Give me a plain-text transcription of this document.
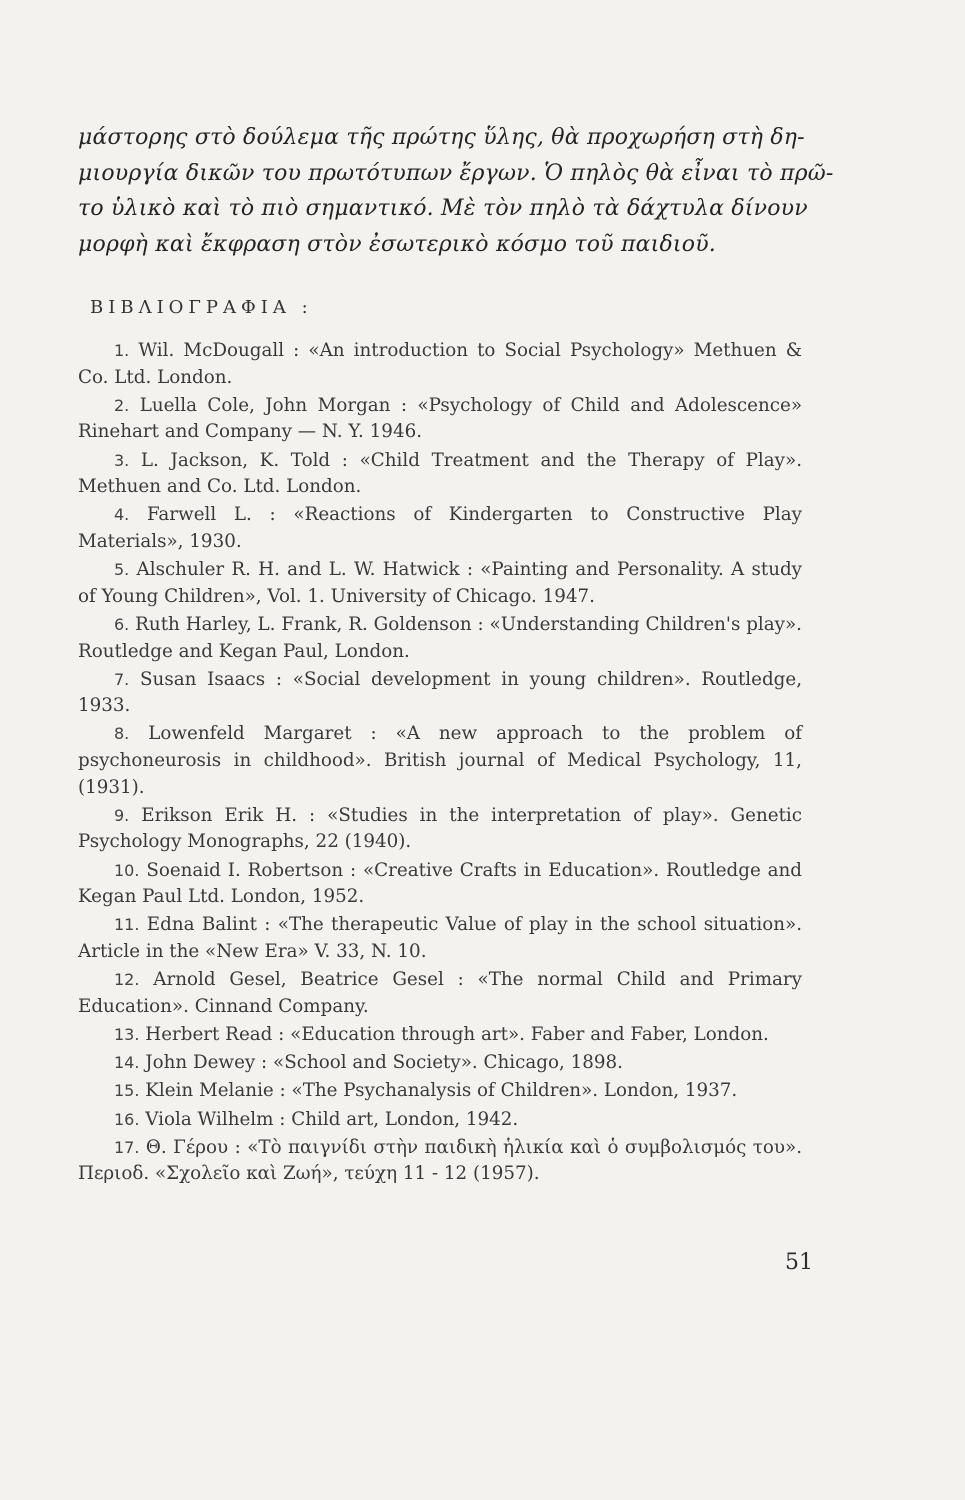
μάστορης στὸ δούλεμα τῆς πρώτης ὕλης, θὰ προχωρήση στὴ δη-
μιουργία δικῶν του πρωτότυπων ἔργων. Ὁ πηλὸς θὰ εἶναι τὸ πρῶ-
το ὑλικὸ καὶ τὸ πιὸ σημαντικό. Μὲ τὸν πηλὸ τὰ δάχτυλα δίνουν
μορφὴ καὶ ἔκφραση στὸν ἐσωτερικὸ κόσμο τοῦ παιδιοῦ.
ΒΙΒΛΙΟΓΡΑΦΙΑ :
1. Wil. McDougall : «An introduction to Social Psychology» Methuen & Co. Ltd. London.
2. Luella Cole, John Morgan : «Psychology of Child and Adolescence» Rinehart and Company — N. Y. 1946.
3. L. Jackson, K. Told : «Child Treatment and the Therapy of Play». Methuen and Co. Ltd. London.
4. Farwell L. : «Reactions of Kindergarten to Constructive Play Materials», 1930.
5. Alschuler R. H. and L. W. Hatwick : «Painting and Personality. A study of Young Children», Vol. 1. University of Chicago. 1947.
6. Ruth Harley, L. Frank, R. Goldenson : «Understanding Children's play». Routledge and Kegan Paul, London.
7. Susan Isaacs : «Social development in young children». Routledge, 1933.
8. Lowenfeld Margaret : «A new approach to the problem of psychoneurosis in childhood». British journal of Medical Psychology, 11, (1931).
9. Erikson Erik H. : «Studies in the interpretation of play». Genetic Psychology Monographs, 22 (1940).
10. Soenaid I. Robertson : «Creative Crafts in Education». Routledge and Kegan Paul Ltd. London, 1952.
11. Edna Balint : «The therapeutic Value of play in the school situation». Article in the «New Era» V. 33, N. 10.
12. Arnold Gesel, Beatrice Gesel : «The normal Child and Primary Education». Cinnand Company.
13. Herbert Read : «Education through art». Faber and Faber, London.
14. John Dewey : «School and Society». Chicago, 1898.
15. Klein Melanie : «The Psychanalysis of Children». London, 1937.
16. Viola Wilhelm : Child art, London, 1942.
17. Θ. Γέρου : «Τὸ παιγνίδι στὴν παιδικὴ ἡλικία καὶ ὁ συμβολισμός του». Περιοδ. «Σχολεῖο καὶ Ζωή», τεύχη 11 - 12 (1957).
51
